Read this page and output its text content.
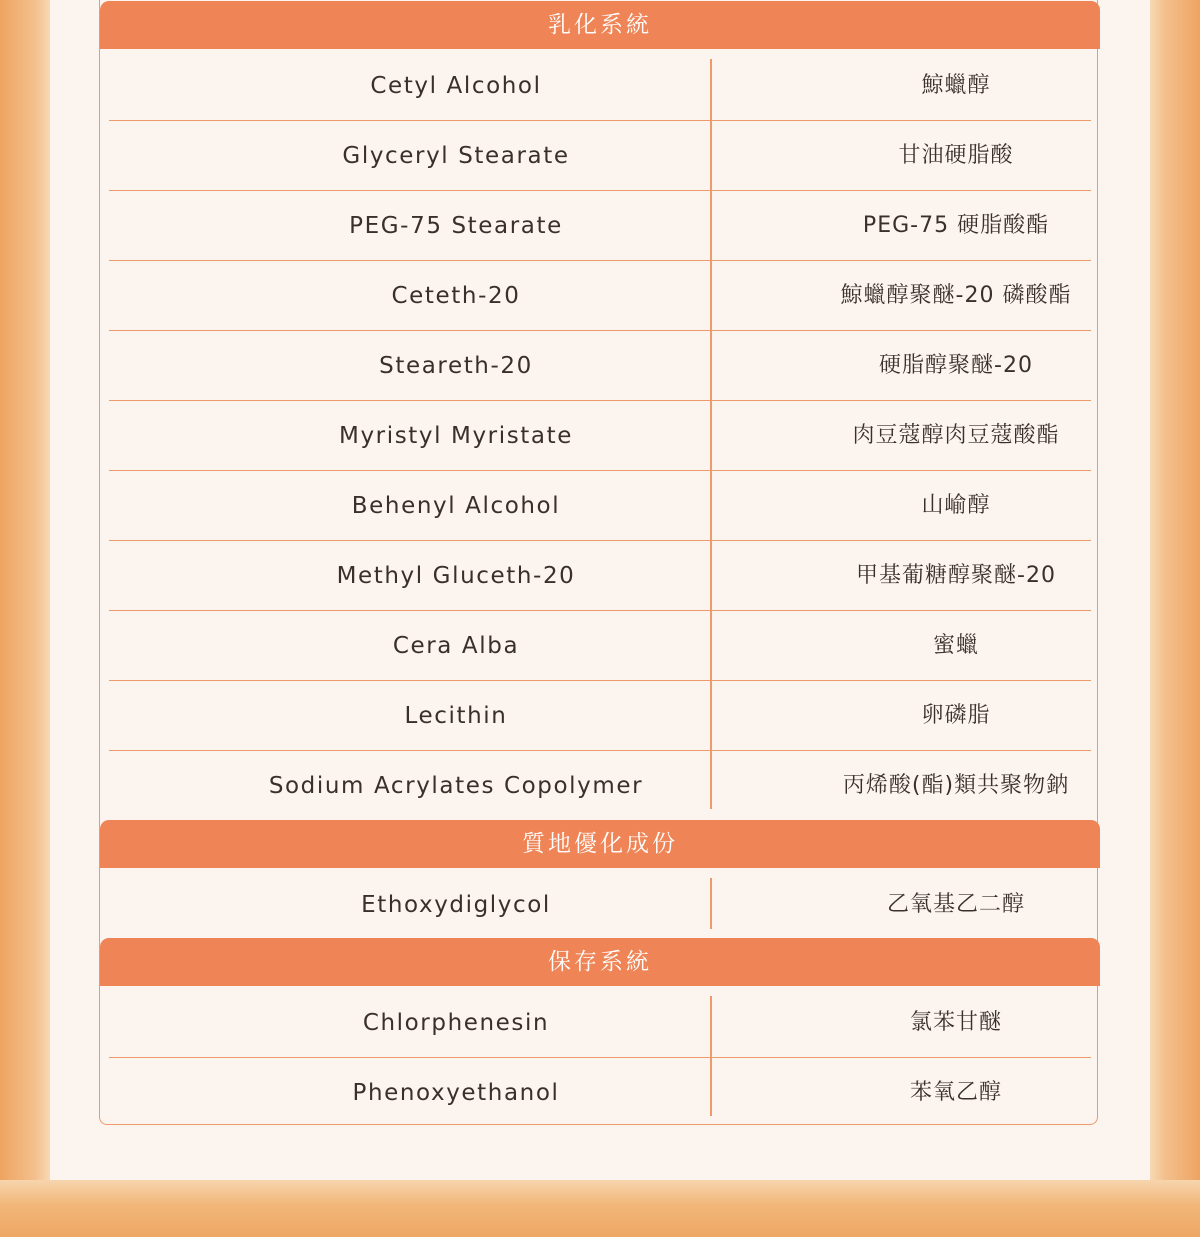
乳化系統
Cetyl Alcohol	鯨蠟醇
Glyceryl Stearate	甘油硬脂酸
PEG-75 Stearate	PEG-75 硬脂酸酯
Ceteth-20	鯨蠟醇聚醚-20 磷酸酯
Steareth-20	硬脂醇聚醚-20
Myristyl Myristate	肉豆蔻醇肉豆蔻酸酯
Behenyl Alcohol	山崳醇
Methyl Gluceth-20	甲基葡糖醇聚醚-20
Cera Alba	蜜蠟
Lecithin	卵磷脂
Sodium Acrylates Copolymer	丙烯酸(酯)類共聚物鈉
質地優化成份
Ethoxydiglycol	乙氧基乙二醇
保存系統
Chlorphenesin	氯苯甘醚
Phenoxyethanol	苯氧乙醇
